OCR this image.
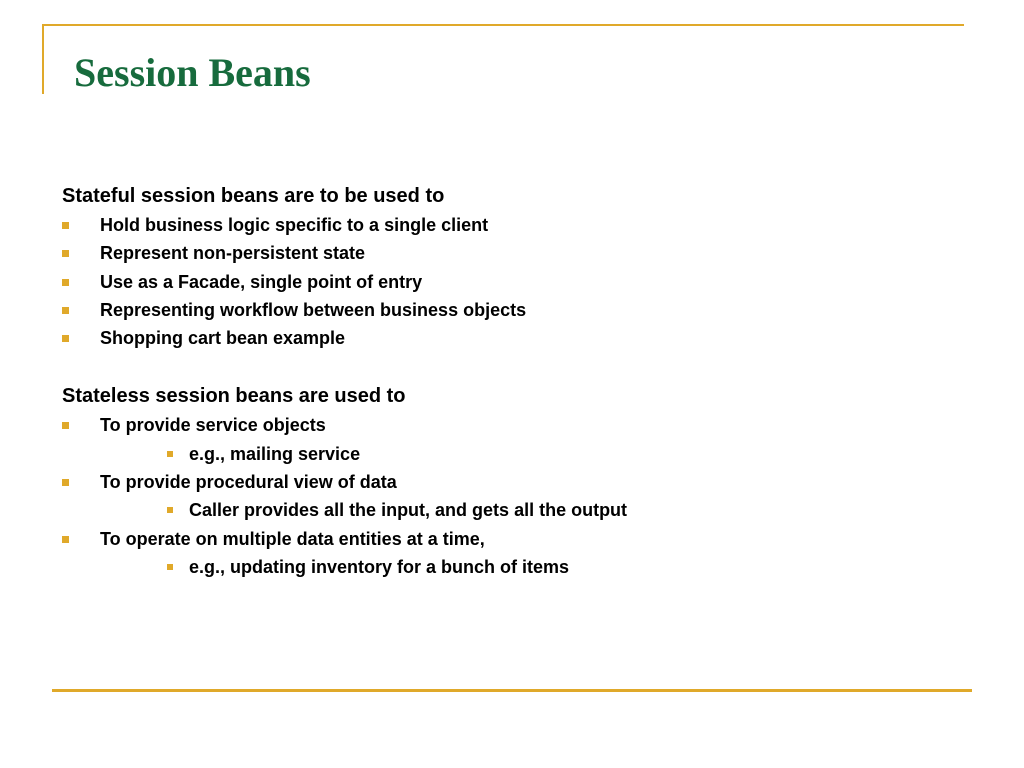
Session Beans
Stateful session beans are to be used to
Hold business logic specific to a single client
Represent non-persistent state
Use as a Facade, single point of entry
Representing workflow between business objects
Shopping cart bean example
Stateless session beans are used to
To provide service objects
e.g., mailing service
To provide procedural view of data
Caller provides all the input, and gets all the output
To operate on multiple data entities at a time,
e.g., updating inventory for a bunch of items
